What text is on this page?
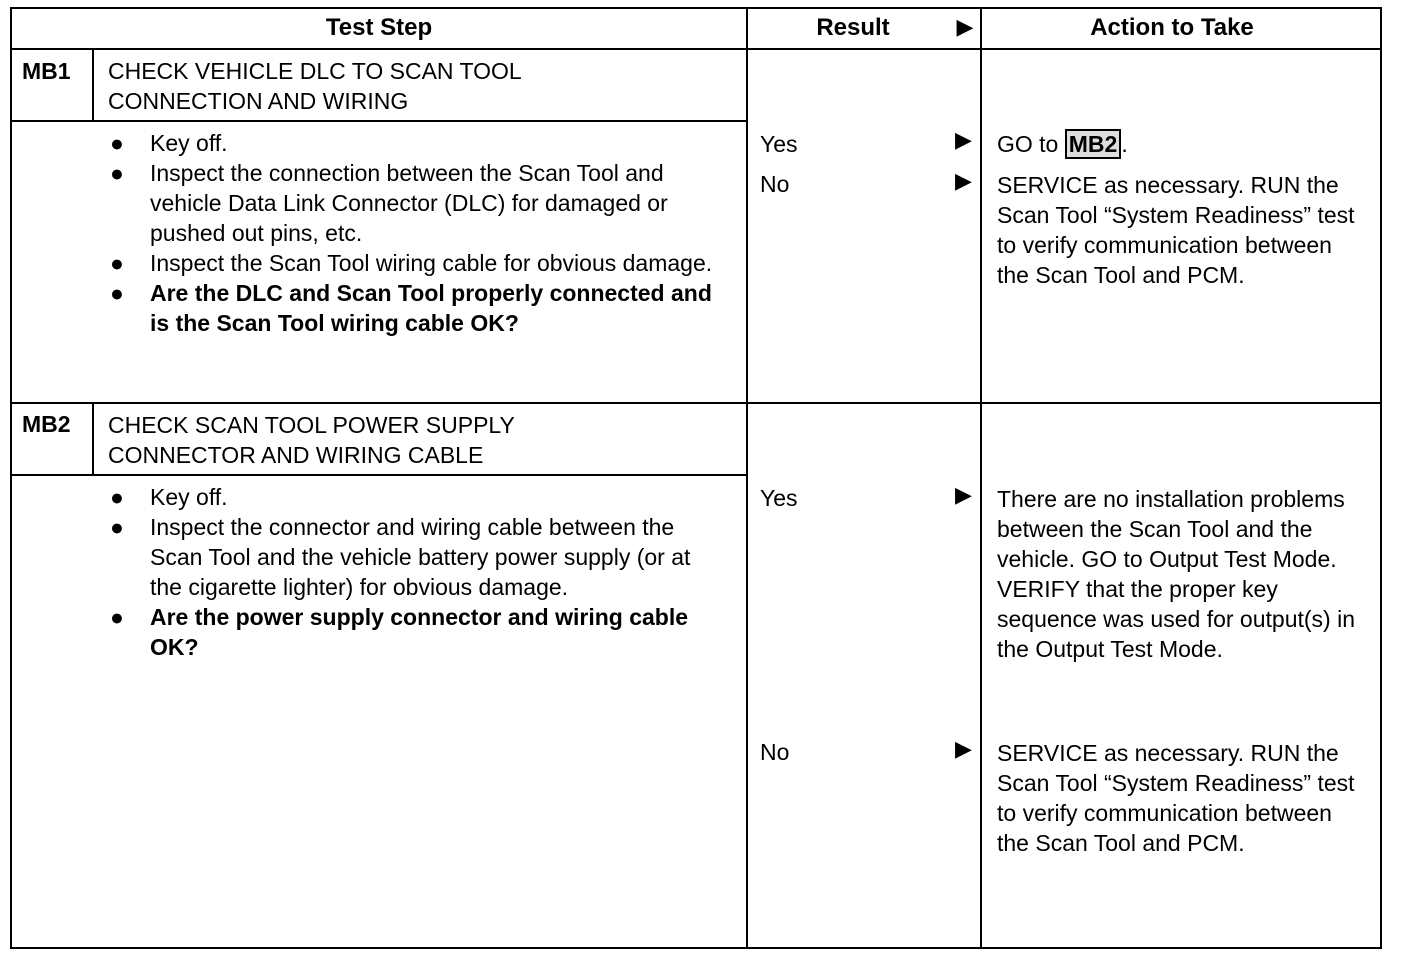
Test Step	Result	▶	Action to Take
MB1 CHECK VEHICLE DLC TO SCAN TOOL
CONNECTION AND WIRING
● Key off.
● Inspect the connection between the Scan Tool and vehicle Data Link Connector (DLC) for damaged or pushed out pins, etc.
● Inspect the Scan Tool wiring cable for obvious damage.
● Are the DLC and Scan Tool properly connected and is the Scan Tool wiring cable OK?
Yes	▶ GO to MB2 .
No	▶ SERVICE as necessary. RUN the Scan Tool “System Readiness” test to verify communication between the Scan Tool and PCM.
MB2 CHECK SCAN TOOL POWER SUPPLY
CONNECTOR AND WIRING CABLE
● Key off.
● Inspect the connector and wiring cable between the Scan Tool and the vehicle battery power supply (or at the cigarette lighter) for obvious damage.
● Are the power supply connector and wiring cable OK?
Yes	▶ There are no installation problems between the Scan Tool and the vehicle. GO to Output Test Mode.
VERIFY that the proper key sequence was used for output(s) in the Output Test Mode.
No	▶ SERVICE as necessary. RUN the Scan Tool “System Readiness” test to verify communication between the Scan Tool and PCM.
